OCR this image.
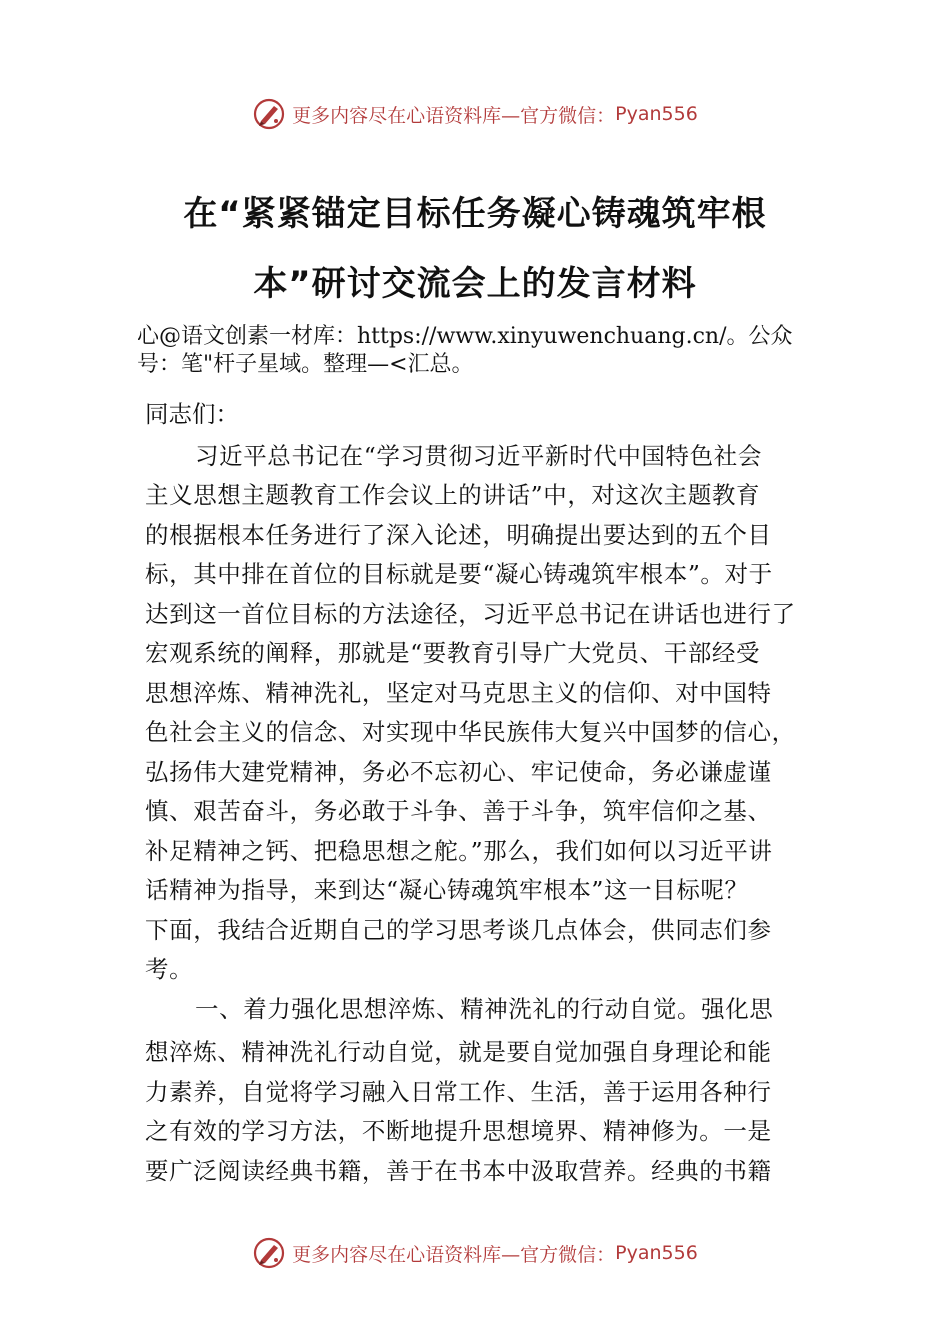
更多内容尽在心语资料库—官方微信： Pyan556
在“紧紧锚定目标任务凝心铸魂筑牢根
本”研讨交流会上的发言材料
心@语文创素一材库：https://www.xinyuwenchuang.cn/。公众
号：笔"杆子星域。整理—<汇总。
同志们：
习近平总书记在“学习贯彻习近平新时代中国特色社会
主义思想主题教育工作会议上的讲话”中，对这次主题教育
的根据根本任务进行了深入论述，明确提出要达到的五个目
标，其中排在首位的目标就是要“凝心铸魂筑牢根本”。对于
达到这一首位目标的方法途径，习近平总书记在讲话也进行了
宏观系统的阐释，那就是“要教育引导广大党员、干部经受
思想淬炼、精神洗礼，坚定对马克思主义的信仰、对中国特
色社会主义的信念、对实现中华民族伟大复兴中国梦的信心，
弘扬伟大建党精神，务必不忘初心、牢记使命，务必谦虚谨
慎、艰苦奋斗，务必敢于斗争、善于斗争，筑牢信仰之基、
补足精神之钙、把稳思想之舵。”那么，我们如何以习近平讲
话精神为指导，来到达“凝心铸魂筑牢根本”这一目标呢？
下面，我结合近期自己的学习思考谈几点体会，供同志们参
考。
一、着力强化思想淬炼、精神洗礼的行动自觉。强化思
想淬炼、精神洗礼行动自觉，就是要自觉加强自身理论和能
力素养，自觉将学习融入日常工作、生活，善于运用各种行
之有效的学习方法，不断地提升思想境界、精神修为。一是
要广泛阅读经典书籍，善于在书本中汲取营养。经典的书籍
更多内容尽在心语资料库—官方微信： Pyan556
